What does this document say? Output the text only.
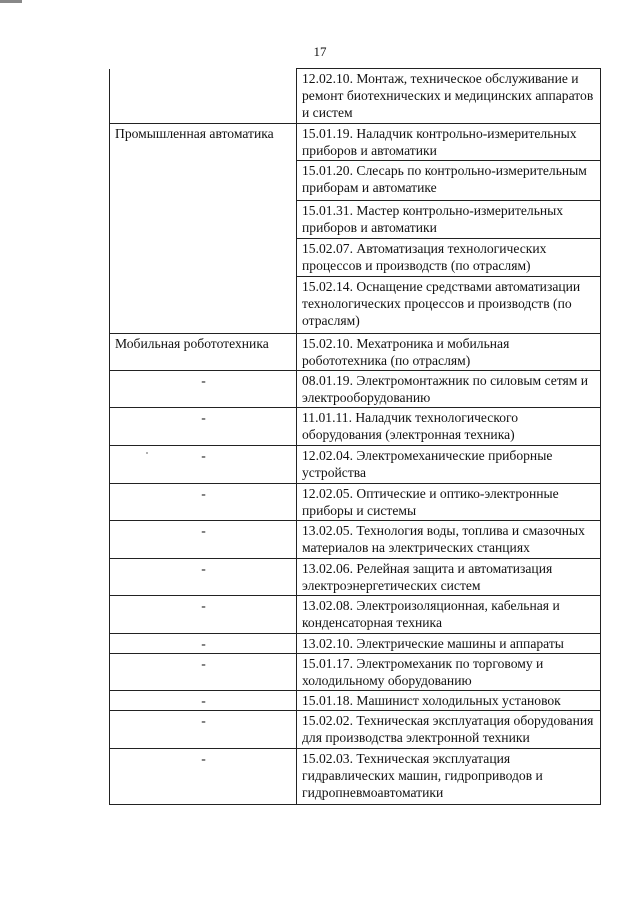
17
	12.02.10. Монтаж, техническое обслуживание и ремонт биотехнических и медицинских аппаратов и систем
Промышленная автоматика	15.01.19. Наладчик контрольно-измерительных приборов и автоматики
	15.01.20. Слесарь по контрольно-измерительным приборам и автоматике
	15.01.31. Мастер контрольно-измерительных приборов и автоматики
	15.02.07. Автоматизация технологических процессов и производств (по отраслям)
	15.02.14. Оснащение средствами автоматизации технологических процессов и производств (по отраслям)
Мобильная робототехника	15.02.10. Мехатроника и мобильная робототехника (по отраслям)
-	08.01.19. Электромонтажник по силовым сетям и электрооборудованию
-	11.01.11. Наладчик технологического оборудования (электронная техника)
-	12.02.04. Электромеханические приборные устройства
-	12.02.05. Оптические и оптико-электронные приборы и системы
-	13.02.05. Технология воды, топлива и смазочных материалов на электрических станциях
-	13.02.06. Релейная защита и автоматизация электроэнергетических систем
-	13.02.08. Электроизоляционная, кабельная и конденсаторная техника
-	13.02.10. Электрические машины и аппараты
-	15.01.17. Электромеханик по торговому и холодильному оборудованию
-	15.01.18. Машинист холодильных установок
-	15.02.02. Техническая эксплуатация оборудования для производства электронной техники
-	15.02.03. Техническая эксплуатация гидравлических машин, гидроприводов и гидропневмоавтоматики
